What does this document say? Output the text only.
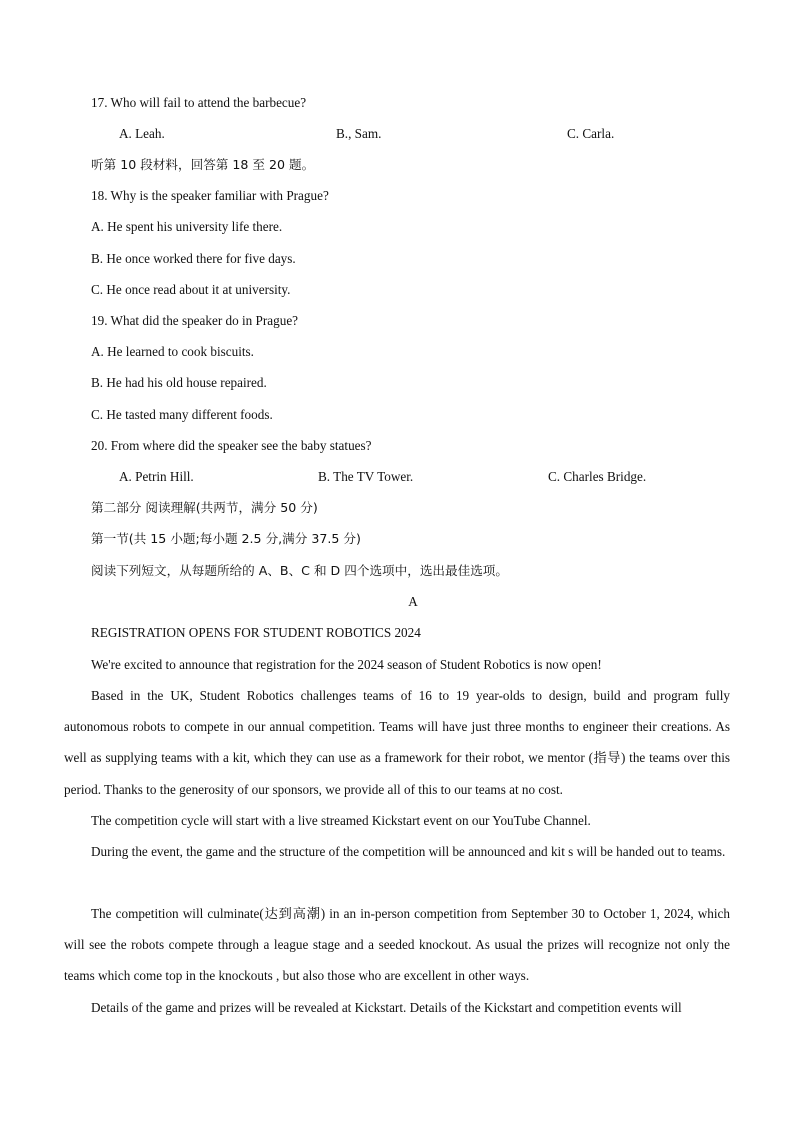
17. Who will fail to attend the barbecue?
A. Leah.	B., Sam.	C. Carla.
听第 10 段材料，回答第 18 至 20 题。
18. Why is the speaker familiar with Prague?
A. He spent his university life there.
B. He once worked there for five days.
C. He once read about it at university.
19. What did the speaker do in Prague?
A. He learned to cook biscuits.
B. He had his old house repaired.
C. He tasted many different foods.
20. From where did the speaker see the baby statues?
A. Petrin Hill.	B. The TV Tower.	C. Charles Bridge.
第二部分 阅读理解(共两节，满分 50 分)
第一节(共 15 小题;每小题 2.5 分,满分 37.5 分)
阅读下列短文，从每题所给的 A、B、C 和 D 四个选项中，选出最佳选项。
A
REGISTRATION OPENS FOR STUDENT ROBOTICS 2024
We're excited to announce that registration for the 2024 season of Student Robotics is now open!
Based in the UK, Student Robotics challenges teams of 16 to 19 year-olds to design, build and program fully autonomous robots to compete in our annual competition. Teams will have just three months to engineer their creations. As well as supplying teams with a kit, which they can use as a framework for their robot, we mentor (指导) the teams over this period. Thanks to the generosity of our sponsors, we provide all of this to our teams at no cost.
The competition cycle will start with a live streamed Kickstart event on our YouTube Channel.
During the event, the game and the structure of the competition will be announced and kit s will be handed out to teams.
The competition will culminate(达到高潮) in an in-person competition from September 30 to October 1, 2024, which will see the robots compete through a league stage and a seeded knockout. As usual the prizes will recognize not only the teams which come top in the knockouts , but also those who are excellent in other ways.
Details of the game and prizes will be revealed at Kickstart. Details of the Kickstart and competition events will
